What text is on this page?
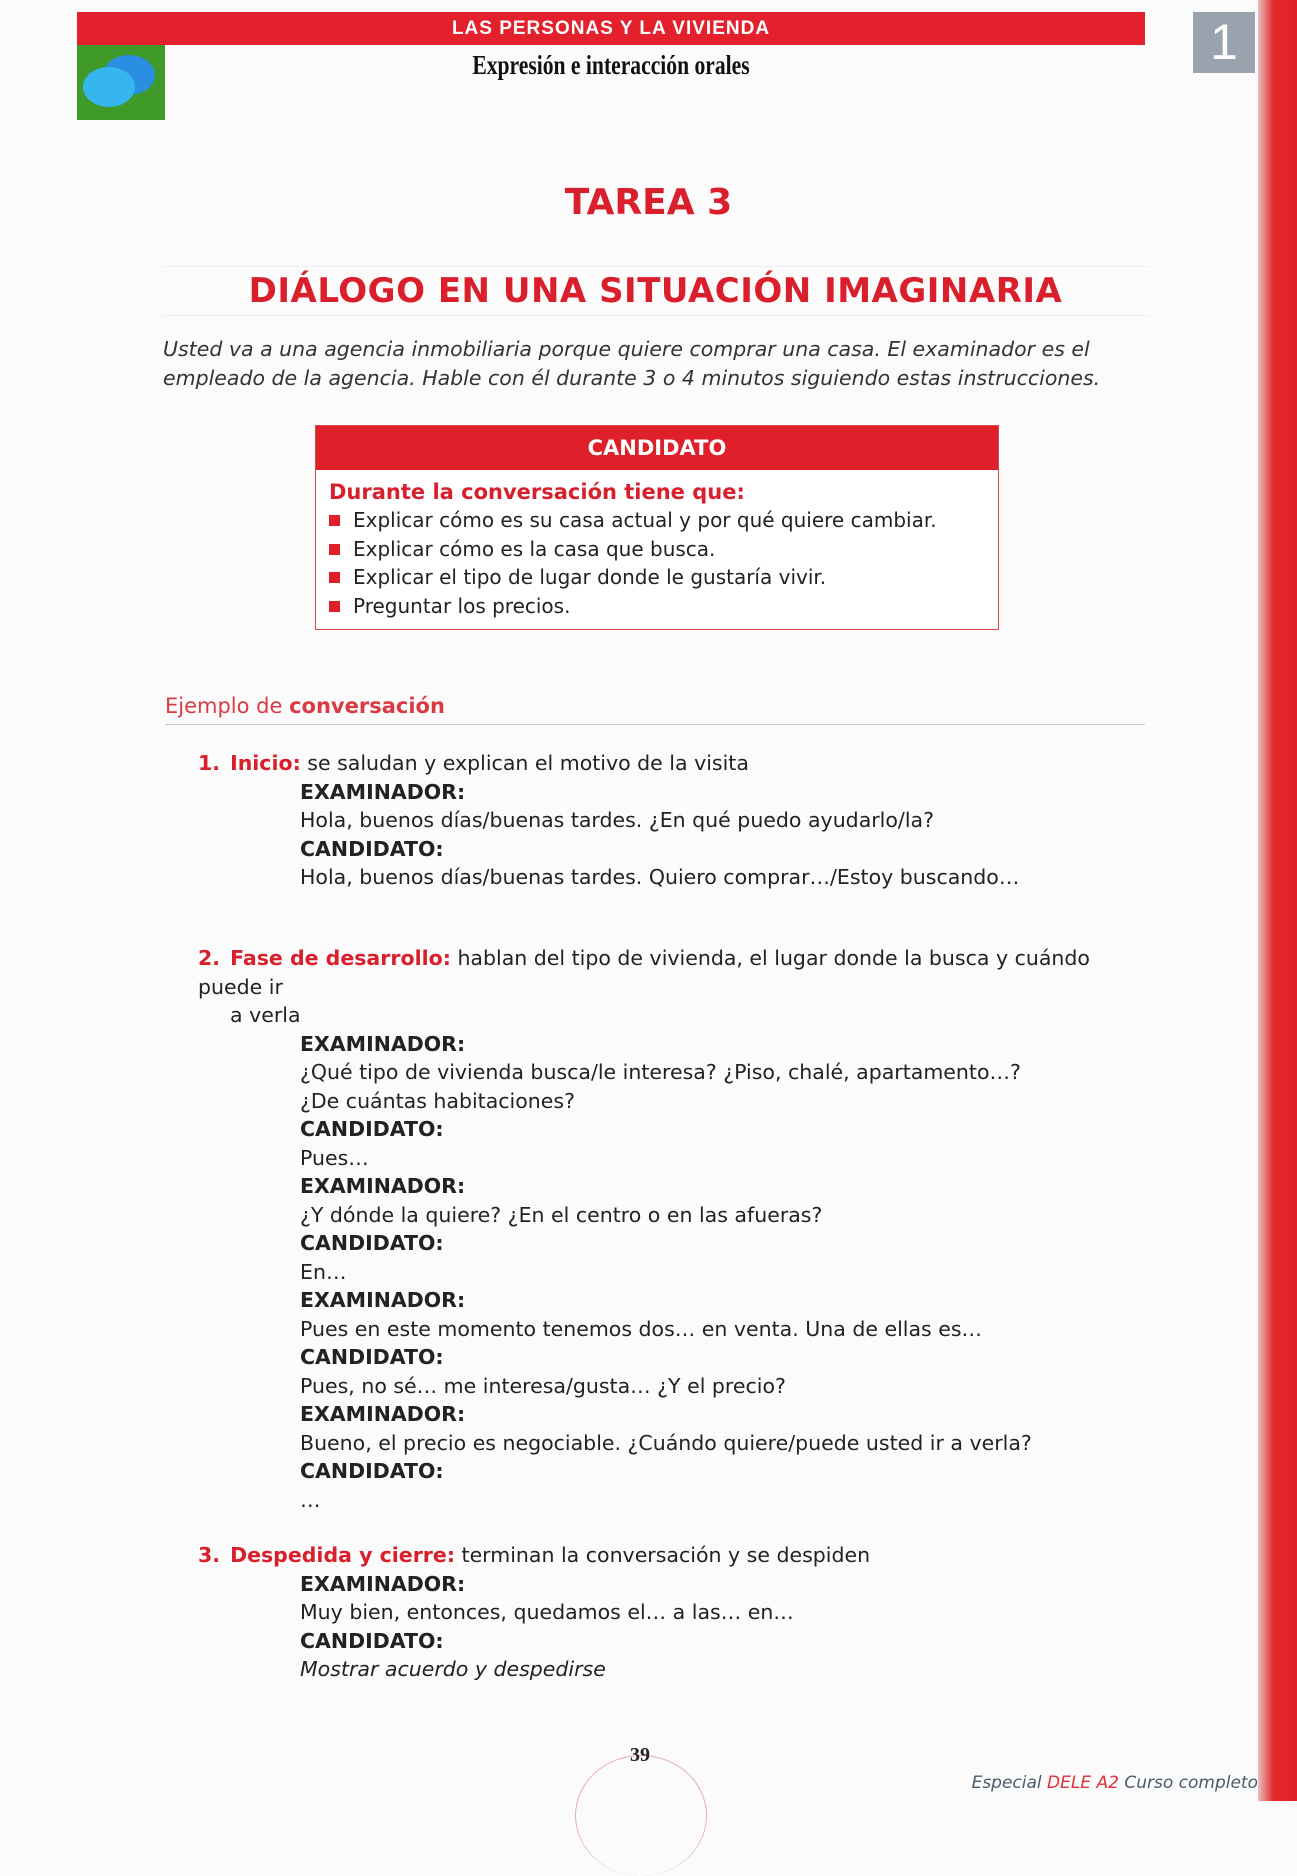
LAS PERSONAS Y LA VIVIENDA
Expresión e interacción orales	1
TAREA 3
DIÁLOGO EN UNA SITUACIÓN IMAGINARIA
Usted va a una agencia inmobiliaria porque quiere comprar una casa. El examinador es el empleado de la agencia. Hable con él durante 3 o 4 minutos siguiendo estas instrucciones.
CANDIDATO
Durante la conversación tiene que:
Explicar cómo es su casa actual y por qué quiere cambiar.
Explicar cómo es la casa que busca.
Explicar el tipo de lugar donde le gustaría vivir.
Preguntar los precios.
Ejemplo de conversación
1. Inicio: se saludan y explican el motivo de la visita
EXAMINADOR:
Hola, buenos días/buenas tardes. ¿En qué puedo ayudarlo/la?
CANDIDATO:
Hola, buenos días/buenas tardes. Quiero comprar…/Estoy buscando…
2. Fase de desarrollo: hablan del tipo de vivienda, el lugar donde la busca y cuándo puede ir
a verla
EXAMINADOR:
¿Qué tipo de vivienda busca/le interesa? ¿Piso, chalé, apartamento…?
¿De cuántas habitaciones?
CANDIDATO:
Pues…
EXAMINADOR:
¿Y dónde la quiere? ¿En el centro o en las afueras?
CANDIDATO:
En…
EXAMINADOR:
Pues en este momento tenemos dos… en venta. Una de ellas es…
CANDIDATO:
Pues, no sé… me interesa/gusta… ¿Y el precio?
EXAMINADOR:
Bueno, el precio es negociable. ¿Cuándo quiere/puede usted ir a verla?
CANDIDATO:
…
3. Despedida y cierre: terminan la conversación y se despiden
EXAMINADOR:
Muy bien, entonces, quedamos el… a las… en…
CANDIDATO:
Mostrar acuerdo y despedirse
39
Especial DELE A2 Curso completo
